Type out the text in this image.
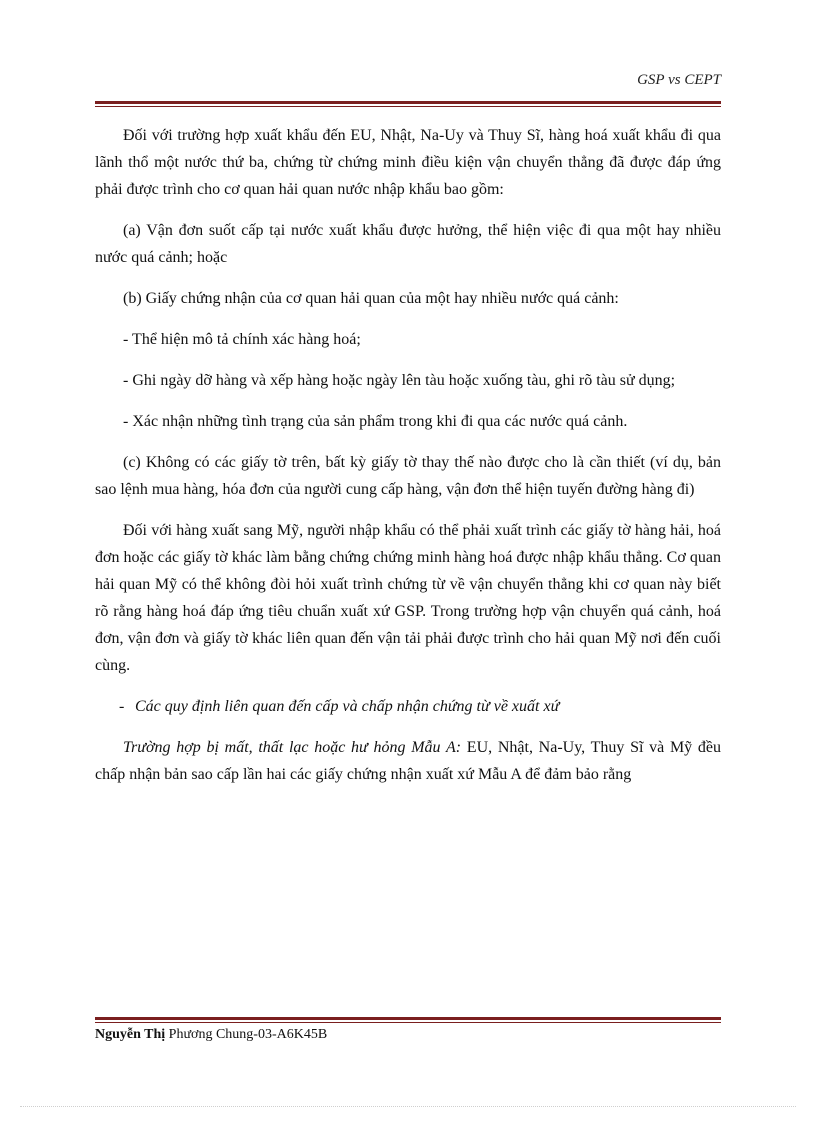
GSP vs CEPT

Đối với trường hợp xuất khẩu đến EU, Nhật, Na-Uy và Thuy Sĩ, hàng hoá xuất khẩu đi qua lãnh thổ một nước thứ ba, chứng từ chứng minh điều kiện vận chuyển thẳng đã được đáp ứng phải được trình cho cơ quan hải quan nước nhập khẩu bao gồm:

(a) Vận đơn suốt cấp tại nước xuất khẩu được hưởng, thể hiện việc đi qua một hay nhiều nước quá cảnh; hoặc

(b) Giấy chứng nhận của cơ quan hải quan của một hay nhiều nước quá cảnh:

- Thể hiện mô tả chính xác hàng hoá;

- Ghi ngày dỡ hàng và xếp hàng hoặc ngày lên tàu hoặc xuống tàu, ghi rõ tàu sử dụng;

- Xác nhận những tình trạng của sản phẩm trong khi đi qua các nước quá cảnh.

(c) Không có các giấy tờ trên, bất kỳ giấy tờ thay thế nào được cho là cần thiết (ví dụ, bản sao lệnh mua hàng, hóa đơn của người cung cấp hàng, vận đơn thể hiện tuyến đường hàng đi)

Đối với hàng xuất sang Mỹ, người nhập khẩu có thể phải xuất trình các giấy tờ hàng hải, hoá đơn hoặc các giấy tờ khác làm bằng chứng chứng minh hàng hoá được nhập khẩu thẳng. Cơ quan hải quan Mỹ có thể không đòi hỏi xuất trình chứng từ về vận chuyển thẳng khi cơ quan này biết rõ rằng hàng hoá đáp ứng tiêu chuẩn xuất xứ GSP. Trong trường hợp vận chuyển quá cảnh, hoá đơn, vận đơn và giấy tờ khác liên quan đến vận tải phải được trình cho hải quan Mỹ nơi đến cuối cùng.

- Các quy định liên quan đến cấp và chấp nhận chứng từ về xuất xứ

Trường hợp bị mất, thất lạc hoặc hư hỏng Mẫu A: EU, Nhật, Na-Uy, Thuy Sĩ và Mỹ đều chấp nhận bản sao cấp lần hai các giấy chứng nhận xuất xứ Mẫu A để đảm bảo rằng

Nguyễn Thị Phương Chung-03-A6K45B
